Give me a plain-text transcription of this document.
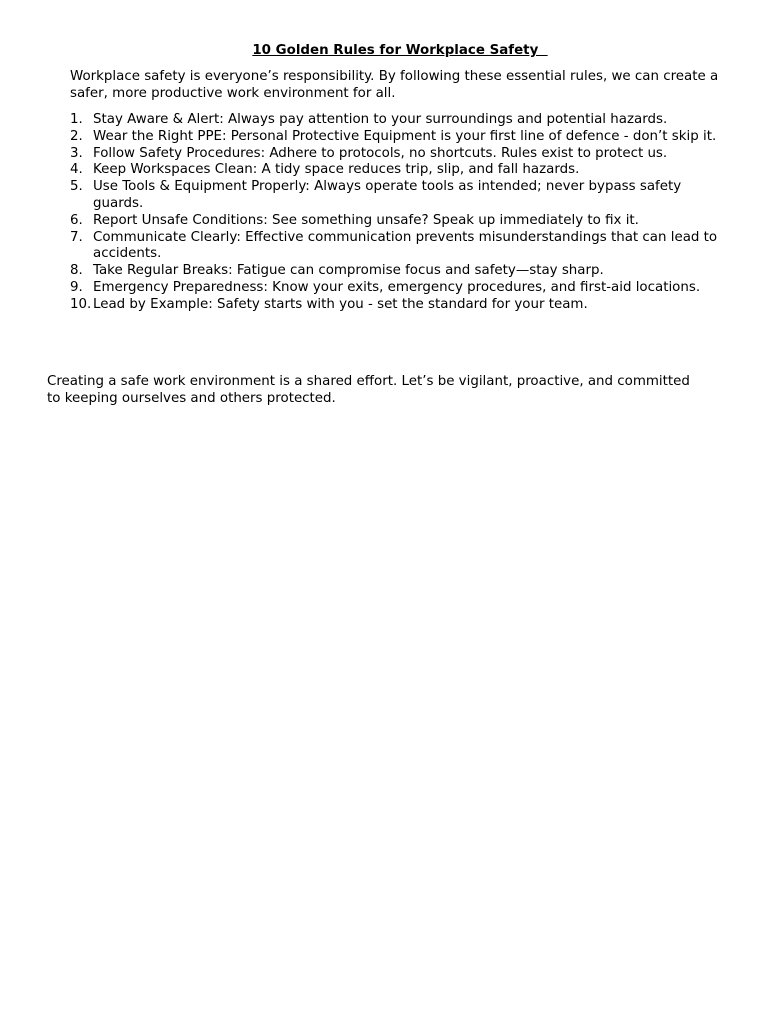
10 Golden Rules for Workplace Safety

Workplace safety is everyone’s responsibility. By following these essential rules, we can create a safer, more productive work environment for all.

1. Stay Aware & Alert: Always pay attention to your surroundings and potential hazards.
2. Wear the Right PPE: Personal Protective Equipment is your first line of defence - don’t skip it.
3. Follow Safety Procedures: Adhere to protocols, no shortcuts. Rules exist to protect us.
4. Keep Workspaces Clean: A tidy space reduces trip, slip, and fall hazards.
5. Use Tools & Equipment Properly: Always operate tools as intended; never bypass safety guards.
6. Report Unsafe Conditions: See something unsafe? Speak up immediately to fix it.
7. Communicate Clearly: Effective communication prevents misunderstandings that can lead to accidents.
8. Take Regular Breaks: Fatigue can compromise focus and safety—stay sharp.
9. Emergency Preparedness: Know your exits, emergency procedures, and first-aid locations.
10. Lead by Example: Safety starts with you - set the standard for your team.

Creating a safe work environment is a shared effort. Let’s be vigilant, proactive, and committed to keeping ourselves and others protected.
